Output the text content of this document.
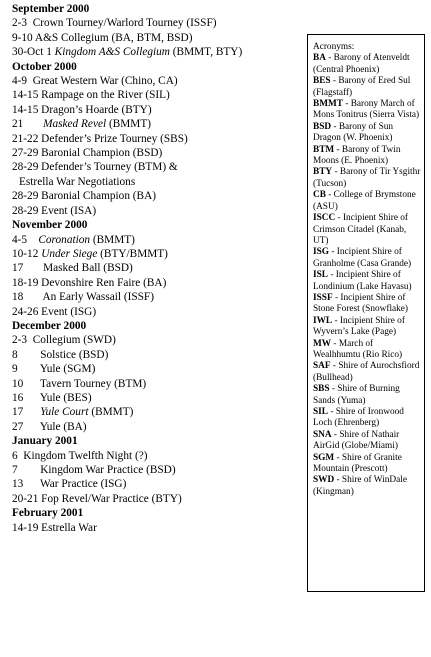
September 2000
2-3  Crown Tourney/Warlord Tourney (ISSF)
9-10 A&S Collegium (BA, BTM, BSD)
30-Oct 1 Kingdom A&S Collegium (BMMT, BTY)
October 2000
4-9  Great Western War (Chino, CA)
14-15 Rampage on the River (SIL)
14-15 Dragon’s Hoarde (BTY)
21       Masked Revel (BMMT)
21-22 Defender’s Prize Tourney (SBS)
27-29 Baronial Champion (BSD)
28-29 Defender’s Tourney (BTM) &
Estrella War Negotiations
28-29 Baronial Champion (BA)
28-29 Event (ISA)
November 2000
4-5    Coronation (BMMT)
10-12 Under Siege (BTY/BMMT)
17       Masked Ball (BSD)
18-19 Devonshire Ren Faire (BA)
18       An Early Wassail (ISSF)
24-26 Event (ISG)
December 2000
2-3  Collegium (SWD)
8        Solstice (BSD)
9        Yule (SGM)
10      Tavern Tourney (BTM)
16      Yule (BES)
17      Yule Court (BMMT)
27      Yule (BA)
January 2001
6  Kingdom Twelfth Night (?)
7        Kingdom War Practice (BSD)
13      War Practice (ISG)
20-21 Fop Revel/War Practice (BTY)
February 2001
14-19 Estrella War
Acronyms:
BA - Barony of Atenveldt (Central Phoenix)
BES - Barony of Ered Sul (Flagstaff)
BMMT - Barony March of Mons Tonitrus (Sierra Vista)
BSD - Barony of Sun Dragon (W. Phoenix)
BTM - Barony of Twin Moons (E. Phoenix)
BTY - Barony of Tir Ysgithr (Tucson)
CB - College of Brymstone (ASU)
ISCC - Incipient Shire of Crimson Citadel (Kanab, UT)
ISG - Incipient Shire of Granholme (Casa Grande)
ISL - Incipient Shire of Londinium (Lake Havasu)
ISSF - Incipient Shire of Stone Forest (Snowflake)
IWL - Incipient Shire of Wyvern’s Lake (Page)
MW - March of Wealhhumtu (Rio Rico)
SAF - Shire of Aurochsfiord (Bullhead)
SBS - Shire of Burning Sands (Yuma)
SIL - Shire of Ironwood Loch (Ehrenberg)
SNA - Shire of Nathair AirGid (Globe/Miami)
SGM - Shire of Granite Mountain (Prescott)
SWD - Shire of WinDale (Kingman)
